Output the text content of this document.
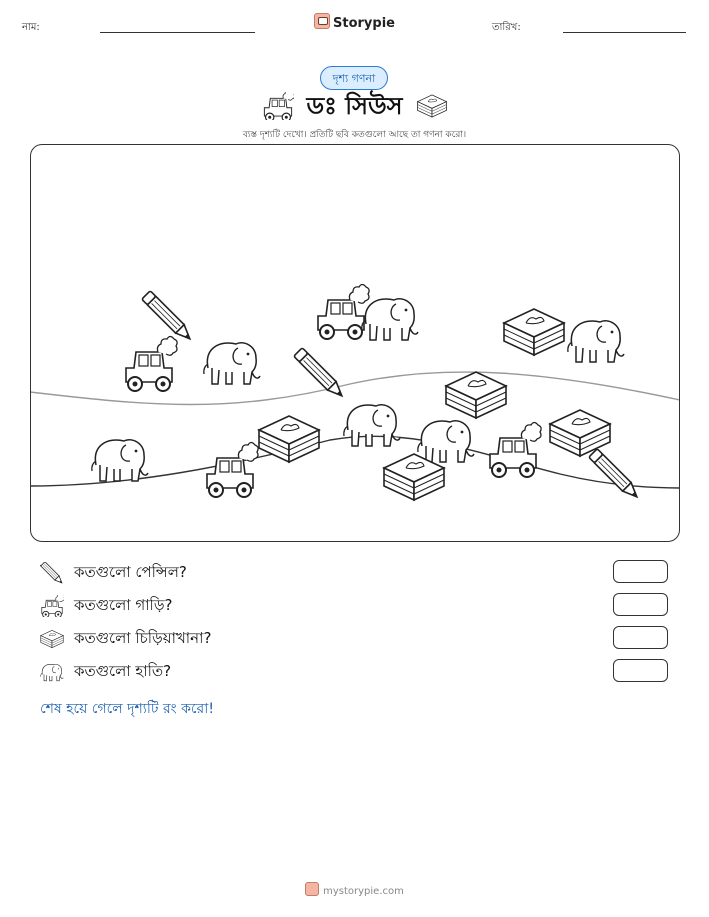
নাম:	Storypie	তারিখ:
দৃশ্য গণনা
ডঃ সিউস
ব্যস্ত দৃশ্যটি দেখো। প্রতিটি ছবি কতগুলো আছে তা গণনা করো।
কতগুলো পেন্সিল?
কতগুলো গাড়ি?
কতগুলো চিড়িয়াখানা?
কতগুলো হাতি?
শেষ হয়ে গেলে দৃশ্যটি রং করো!
mystorypie.com
